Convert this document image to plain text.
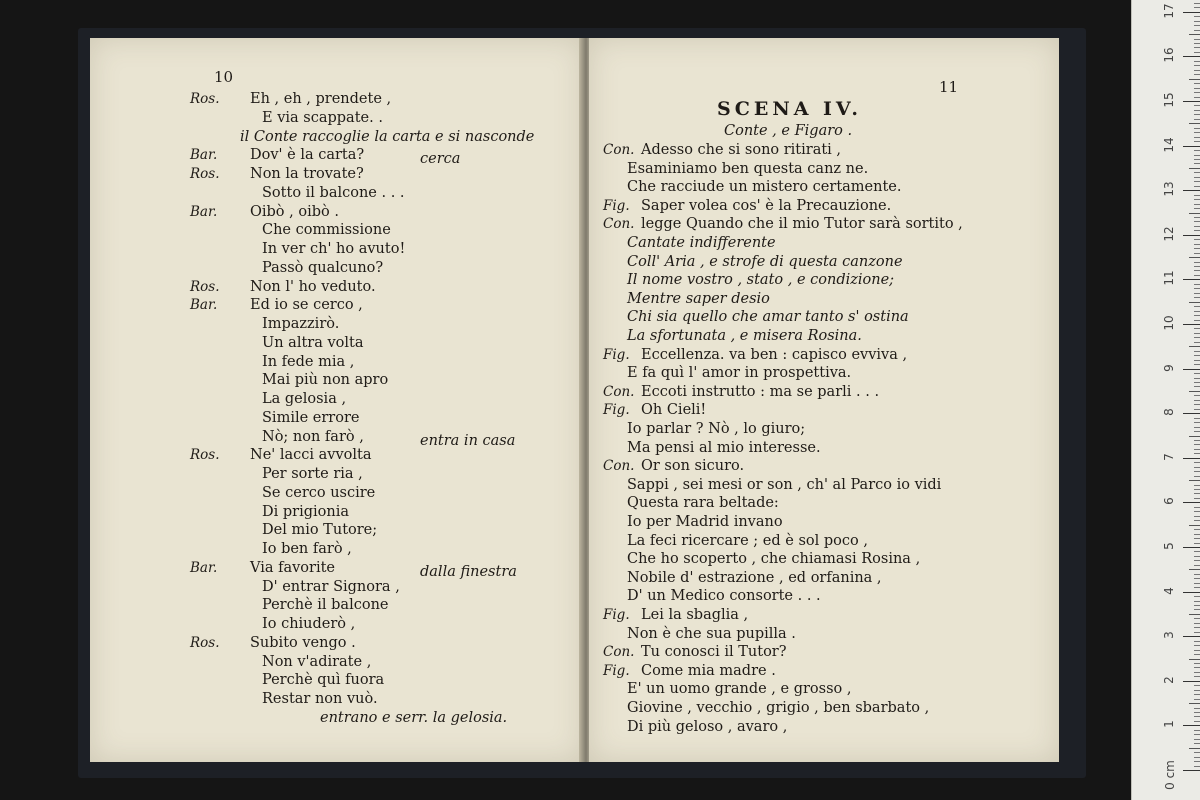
10
Ros. Eh , eh , prendete ,
E via scappate. .
il Conte raccoglie la carta e si nasconde
Bar. Dov' è la carta?	cerca
Ros. Non la trovate?
Sotto il balcone . . .
Bar. Oibò , oibò .
Che commissione
In ver ch' ho avuto!
Passò qualcuno?
Ros. Non l' ho veduto.
Bar. Ed io se cerco ,
Impazzirò.
Un altra volta
In fede mia ,
Mai più non apro
La gelosia ,
Simile errore
Nò; non farò ,	entra in casa
Ros. Ne' lacci avvolta
Per sorte ria ,
Se cerco uscire
Di prigionia
Del mio Tutore;
Io ben farò ,
Bar. Via favorite	dalla finestra
D' entrar Signora ,
Perchè il balcone
Io chiuderò ,
Ros. Subito vengo .
Non v'adirate ,
Perchè quì fuora
Restar non vuò.
entrano e serr. la gelosia.
11
SCENA IV.
Conte , e Figaro .
Con. Adesso che si sono ritirati ,
Esaminiamo ben questa canz ne.
Che racciude un mistero certamente.
Fig. Saper volea cos' è la Precauzione.
Con. legge Quando che il mio Tutor sarà sortito ,
Cantate indifferente
Coll' Aria , e strofe di questa canzone
Il nome vostro , stato , e condizione;
Mentre saper desio
Chi sia quello che amar tanto s' ostina
La sfortunata , e misera Rosina.
Fig. Eccellenza. va ben : capisco evviva ,
E fa quì l' amor in prospettiva.
Con. Eccoti instrutto : ma se parli . . .
Fig. Oh Cieli!
Io parlar ? Nò , lo giuro;
Ma pensi al mio interesse.
Con. Or son sicuro.
Sappi , sei mesi or son , ch' al Parco io vidi
Questa rara beltade:
Io per Madrid invano
La feci ricercare ; ed è sol poco ,
Che ho scoperto , che chiamasi Rosina ,
Nobile d' estrazione , ed orfanina ,
D' un Medico consorte . . .
Fig. Lei la sbaglia ,
Non è che sua pupilla .
Con. Tu conosci il Tutor?
Fig. Come mia madre .
E' un uomo grande , e grosso ,
Giovine , vecchio , grigio , ben sbarbato ,
Di più geloso , avaro ,
0 cm
1
2
3
4
5
6
7
8
9
10
11
12
13
14
15
16
17
